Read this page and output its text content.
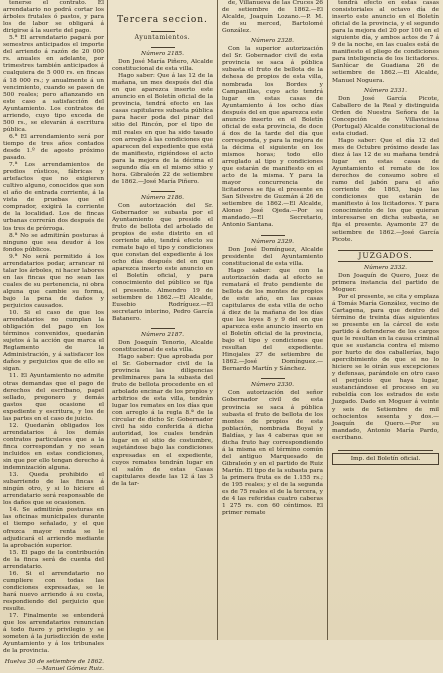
tenerse el contrato. El arrendatario no podrá cortar los árboles frutales ó pastos, y para los de labor se obligará á dirigirse á la suerte del pago.

5.ª El arrendatario pagará por semestres anticipados el importe del arriendo á razón de 20 000 rs. anuales en adelante, por trimestres también anticipados á cualquiera de 5 000 rs. en fincas á 18 000 rs.; y anualmente á un vencimiento, cuando se pasen de 500 reales; pero afianzando en este caso a satisfacción del Ayuntamiento. Los contratos de arriendo, cuyo tipo exceda de 500 rs., se elevarán á escritura pública.

6.ª El arrendamiento será por tiempo de tres años contados desde 1.º de agosto próximo pasado.

7.ª Los arrendamientos de predios rústicos, fábricas y artefactos que no exigieren cultivo alguno, conocidos que son el año de entrada corriente, á la vista de pruebas que el comprador, exigirá la corriente de la localidad. Los de fincas urbanas correrán dos después de los tres de prórroga.

8.ª No se admitirán posturas á ninguno que sea deudor á los fondos públicos.

9.ª No será permitido á los arrendatarios podar, arrancar ni talar los árboles, ni hacer labores en las fincas que no sean las cuales de su pertenencia, ni obra alguna que cambie su forma, bajo la pena de daños y perjuicios causados.

10. Si el caso de que los arrendatarios no cumplan la obligación del pago en los términos convenidos, quedarán sujetos á la acción que marca el Reglamento de la Administración, y á satisfacer los daños y perjuicios que de ello se sigan.

11. El Ayuntamiento no admite otras demandas que el pago de derechos del escribano, papel sellado, pregonero y demás gastos que ocasione el expediente y escritura, y los de las partes en el caso de juicio.

12. Quedarán obligados los arrendatarios á los demás contratos particulares que a la finca correspondan y no sean incluidos en estas condiciones, sin que por ello tengan derecho á indemnización alguna.

13. Queda prohibido el subarriendo de las fincas á ningún otro, y si lo hiciere el arrendatario será responsable de los daños que se ocasionen.

14. Se admitirán posturas en las oficinas municipales durante el tiempo señalado, y el que ofrezca mayor renta se le adjudicará el arriendo mediante la aprobación superior.

15. El pago de la contribución de la finca será de cuenta del arrendatario.

16. Si el arrendatario no cumpliere con todas las condiciones expresadas, se le hará nuevo arriendo á su costa, respondiendo del perjuicio que resulte.

17. Finalmente se entenderá que los arrendatarios renuncian á todo fuero y privilegio y se someten á la jurisdicción de este Ayuntamiento y á los tribunales de la provincia.

Huelva 30 de setiembre de 1862.—Manuel Gómez Ruiz.

Tercera seccion.
Ayuntamientos.
Número 2185.

Don José María Piñero, Alcalde constitucional de esta villa.

Hago saber: Que á las 12 de la mañana, un mes después del día en que aparezca inserto este anuncio en el Boletín oficial de la provincia, tendrá efecto en las casas capitulares subasta pública para hacer poda del pinar del sitio del Rincón, por el tipo de mil reales en que ha sido tasado con arreglo á las condiciones que aparecen del expediente que está de manifiesto, rigiéndose el acto para la mejora de la décima el segundo día en el mismo sitio y hora. Gibraleón 22 de setiembre de 1862.—José María Piñero.

Número 2186.

Con autorización del Sr. Gobernador se subasta por el Ayuntamiento que preside el fruto de bellota del arbolado de propios de este distrito en el corriente año, tendrá efecto su remate bajo el tipo y condiciones que constan del expediente á los ocho días después del en que aparezca inserto este anuncio en el Boletín oficial, y para conocimiento del público se fija el presente. Almendro 19 de setiembre de 1862.—El Alcalde, Eusebio Rodríguez.—El secretario interino, Pedro García Batanero.

Número 2187.

Don Joaquín Tenorio, Alcalde constitucional de esta villa.

Hago saber: Que aprobada por el Sr. Gobernador civil de la provincia las diligencias preliminares para la subasta del fruto de bellota procedente en el arbolado encinar de los propios y arbitrios de esta villa, tendrán lugar los remates en los días que con arreglo á la regla 8.ª de la circular de dicho Sr. Gobernador civil ha sido conferida á dicha autoridad, los cuales tendrán lugar en el sitio de costumbre, sujetándose bajo las condiciones expresadas en el expediente, cuyos remates tendrán lugar en el salón de estas Casas capitulares desde las 12 á las 3 de la tar-

de, Villanueva de las Cruces 26 de setiembre de 1862.—El Alcalde, Joaquín Lozano.—P. M. de su merced, Bartolomé González.

Número 2328.

Con la superior autorización del Sr. Gobernador civil de esta provincia se saca á pública subasta el fruto de bellota de la dehesa de propios de esta villa, nombrada los Bordes y Campanillas, cuyo acto tendrá lugar en estas casas de Ayuntamiento á los ocho días después del en que aparezca este anuncio inserto en el Boletín oficial de esta provincia, de doce á dos de la tarde del día que corresponda, y para la mejora de la décima el siguiente en los mismos horas; todo ello arreglado al tipo y condiciones que estarán de manifiesto en el acto de la misma. Y para la mayor concurrencia de licitadores se fija el presente en San Silvestre de Guzmán á 26 de setiembre de 1862.—El Alcalde, Alonso José Ojeda.—Por su mandado.—El Secretario, Antonio Santana.

Número 2329.

Don José Domínguez, Alcalde presidente del Ayuntamiento constitucional de esta villa.

Hago saber: que con la autorización dada al efecto se rematará el fruto pendiente de bellota de los montes de propios de este año, en las casas capitulares de esta villa de ocho á diez de la mañana de los días que las leyes 8 y 9 del en que aparezca este anuncio inserto en el Boletín oficial de la provincia, bajo el tipo y condiciones que resultan del expediente. Hinojales 27 de setiembre de 1862.—José Domínguez.—Bernardo Martín y Sánchez.

Número 2330.

Con autorización del señor Gobernador civil de esta provincia se saca á pública subasta el fruto de bellota de los montes de propios de esta población, nombrada Boyal y Baldías, y las 4 caberas que se dicha fruto hay correspondiendo á la misma en el término común del antiguo Marquesado de Gibraleón y en el partido de Ruiz Martín. El tipo de la subasta para la primera fruta es de 1.155 rs.; de 195 reales; y el de la segunda es de 75 reales el de la tercera, y de 4 las referidas cuatro caberas 1 275 rs. con 60 céntimos. El primer remate

tendrá efecto en estas casas consistoriales al octavo día de inserto este anuncio en el Boletín oficial de la provincia, y el segundo para la mejora del 20 por 100 en el siguiente día, y ambos actos de 7 á 9 de la noche, en las cuales está de manifiesto el pliego de condiciones para inteligencia de los licitadores. Sanlúcar de Guadiana 26 de setiembre de 1862.—El Alcalde, Manuel Noguera.

Número 2331.

Don José García Picote, Caballero de la Real y distinguida Orden de Nuestra Señora de la Concepción de Villaviciosa (Portugal) Alcalde constitucional de esta ciudad.

Hago saber: Que el día 12 del mes de Octubre próximo desde las diez á las 12 de su mañana tendrá lugar en estas casas de Ayuntamiento el remate de los derechos de consumo sobre el ramo del jabón para el año corriente de 1863, bajo las condiciones que estarán de manifiesto á los licitadores. Y para conocimiento de los que quieran interesarse en dicha subasta, se fija el presente. Ayamonte 27 de setiembre de 1862.—José García Picote.

JUZGADOS.
Número 2332.

Don Joaquín de Quero, Juez de primera instancia del partido de Moguer.

Por el presente, se cita y emplaza á Tomás María González, vecino de Cartagena, para que dentro del término de treinta días siguientes se presente en la cárcel de este partido á defenderse de los cargos que le resultan en la causa criminal que se sustancia contra el mismo por hurto de dos caballerías, bajo apercibimiento de que si no lo hiciere se le oirán sus excepciones y defensas, parándole en otro caso el perjuicio que haya lugar, sustanciándose el proceso en su rebeldía con los estrados de este Juzgado. Dado en Moguer á veinte y seis de Setiembre de mil ochocientos sesenta y dos.—Joaquín de Quero.—Por su mandado, Antonio María Pardo, escribano.

Imp. del Boletín oficial.
